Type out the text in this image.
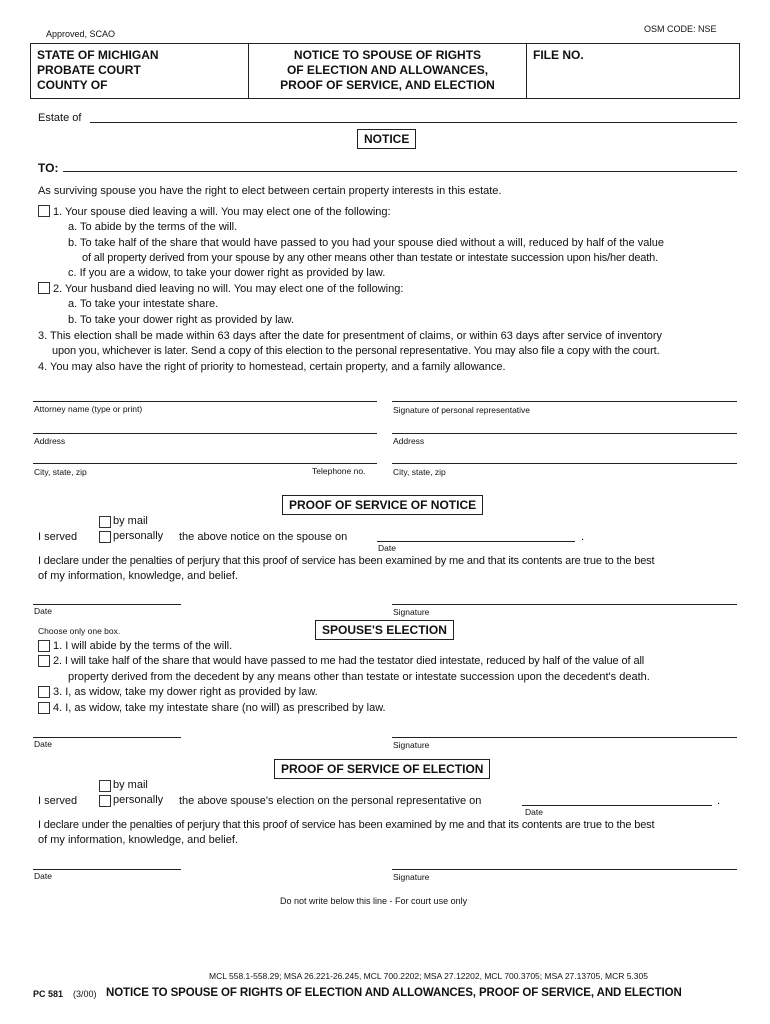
Approved, SCAO	OSM CODE: NSE
STATE OF MICHIGAN
PROBATE COURT
COUNTY OF
NOTICE TO SPOUSE OF RIGHTS
OF ELECTION AND ALLOWANCES,
PROOF OF SERVICE, AND ELECTION
FILE NO.
Estate of
NOTICE
TO:
As surviving spouse you have the right to elect between certain property interests in this estate.
1. Your spouse died leaving a will. You may elect one of the following:
a. To abide by the terms of the will.
b. To take half of the share that would have passed to you had your spouse died without a will, reduced by half of the value
of all property derived from your spouse by any other means other than testate or intestate succession upon his/her death.
c. If you are a widow, to take your dower right as provided by law.
2. Your husband died leaving no will. You may elect one of the following:
a. To take your intestate share.
b. To take your dower right as provided by law.
3. This election shall be made within 63 days after the date for presentment of claims, or within 63 days after service of inventory
upon you, whichever is later. Send a copy of this election to the personal representative. You may also file a copy with the court.
4. You may also have the right of priority to homestead, certain property, and a family allowance.
Attorney name (type or print)	Signature of personal representative
Address	Address
City, state, zip	Telephone no.	City, state, zip
PROOF OF SERVICE OF NOTICE
by mail
I served	personally the above notice on the spouse on	.
Date
I declare under the penalties of perjury that this proof of service has been examined by me and that its contents are true to the best
of my information, knowledge, and belief.
Date	Signature
Choose only one box.	SPOUSE'S ELECTION
1. I will abide by the terms of the will.
2. I will take half of the share that would have passed to me had the testator died intestate, reduced by half of the value of all
property derived from the decedent by any means other than testate or intestate succession upon the decedent's death.
3. I, as widow, take my dower right as provided by law.
4. I, as widow, take my intestate share (no will) as prescribed by law.
Date	Signature
PROOF OF SERVICE OF ELECTION
by mail
I served	personally the above spouse's election on the personal representative on	.
Date
I declare under the penalties of perjury that this proof of service has been examined by me and that its contents are true to the best
of my information, knowledge, and belief.
Date	Signature
Do not write below this line - For court use only
MCL 558.1-558.29; MSA 26.221-26.245, MCL 700.2202; MSA 27.12202, MCL 700.3705; MSA 27.13705, MCR 5.305
PC 581 (3/00) NOTICE TO SPOUSE OF RIGHTS OF ELECTION AND ALLOWANCES, PROOF OF SERVICE, AND ELECTION
